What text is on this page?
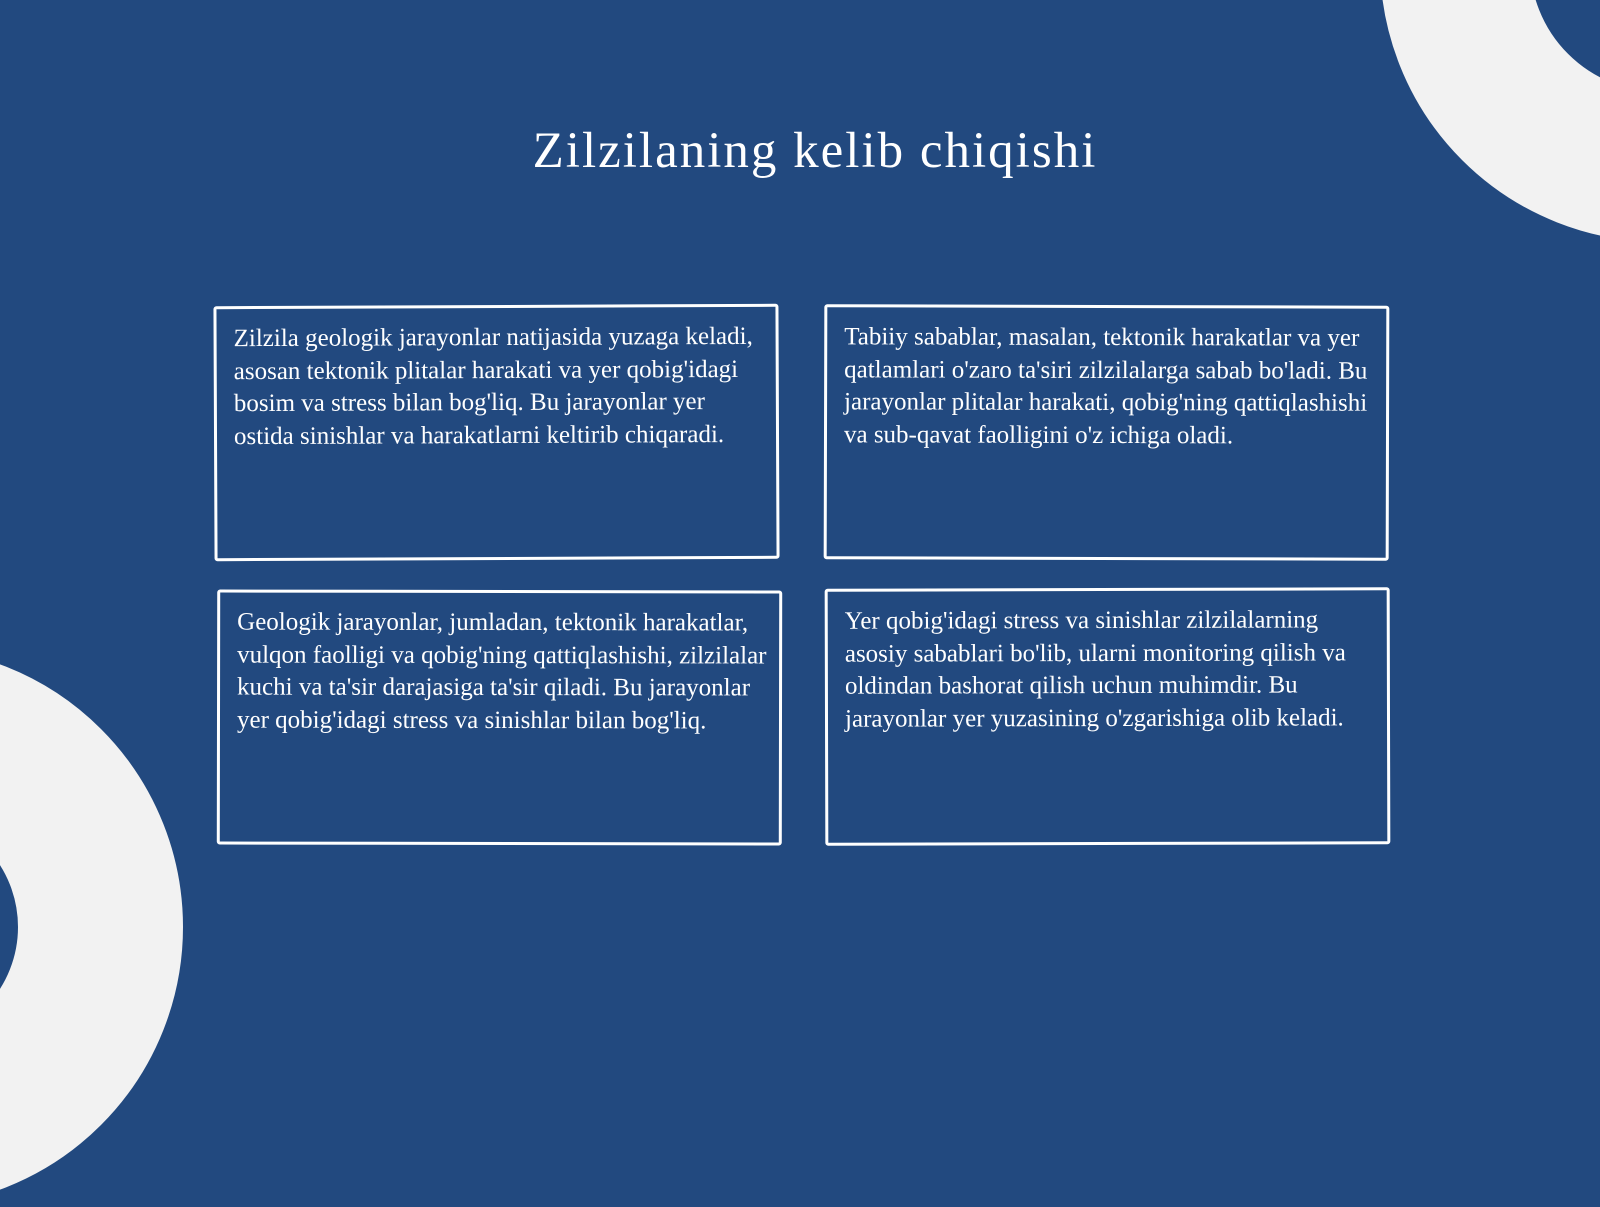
Zilzilaning kelib chiqishi

Zilzila geologik jarayonlar natijasida yuzaga keladi, asosan tektonik plitalar harakati va yer qobig'idagi bosim va stress bilan bog'liq. Bu jarayonlar yer ostida sinishlar va harakatlarni keltirib chiqaradi.

Tabiiy sabablar, masalan, tektonik harakatlar va yer qatlamlari o'zaro ta'siri zilzilalarga sabab bo'ladi. Bu jarayonlar plitalar harakati, qobig'ning qattiqlashishi va sub-qavat faolligini o'z ichiga oladi.

Geologik jarayonlar, jumladan, tektonik harakatlar, vulqon faolligi va qobig'ning qattiqlashishi, zilzilalar kuchi va ta'sir darajasiga ta'sir qiladi. Bu jarayonlar yer qobig'idagi stress va sinishlar bilan bog'liq.

Yer qobig'idagi stress va sinishlar zilzilalarning asosiy sabablari bo'lib, ularni monitoring qilish va oldindan bashorat qilish uchun muhimdir. Bu jarayonlar yer yuzasining o'zgarishiga olib keladi.
